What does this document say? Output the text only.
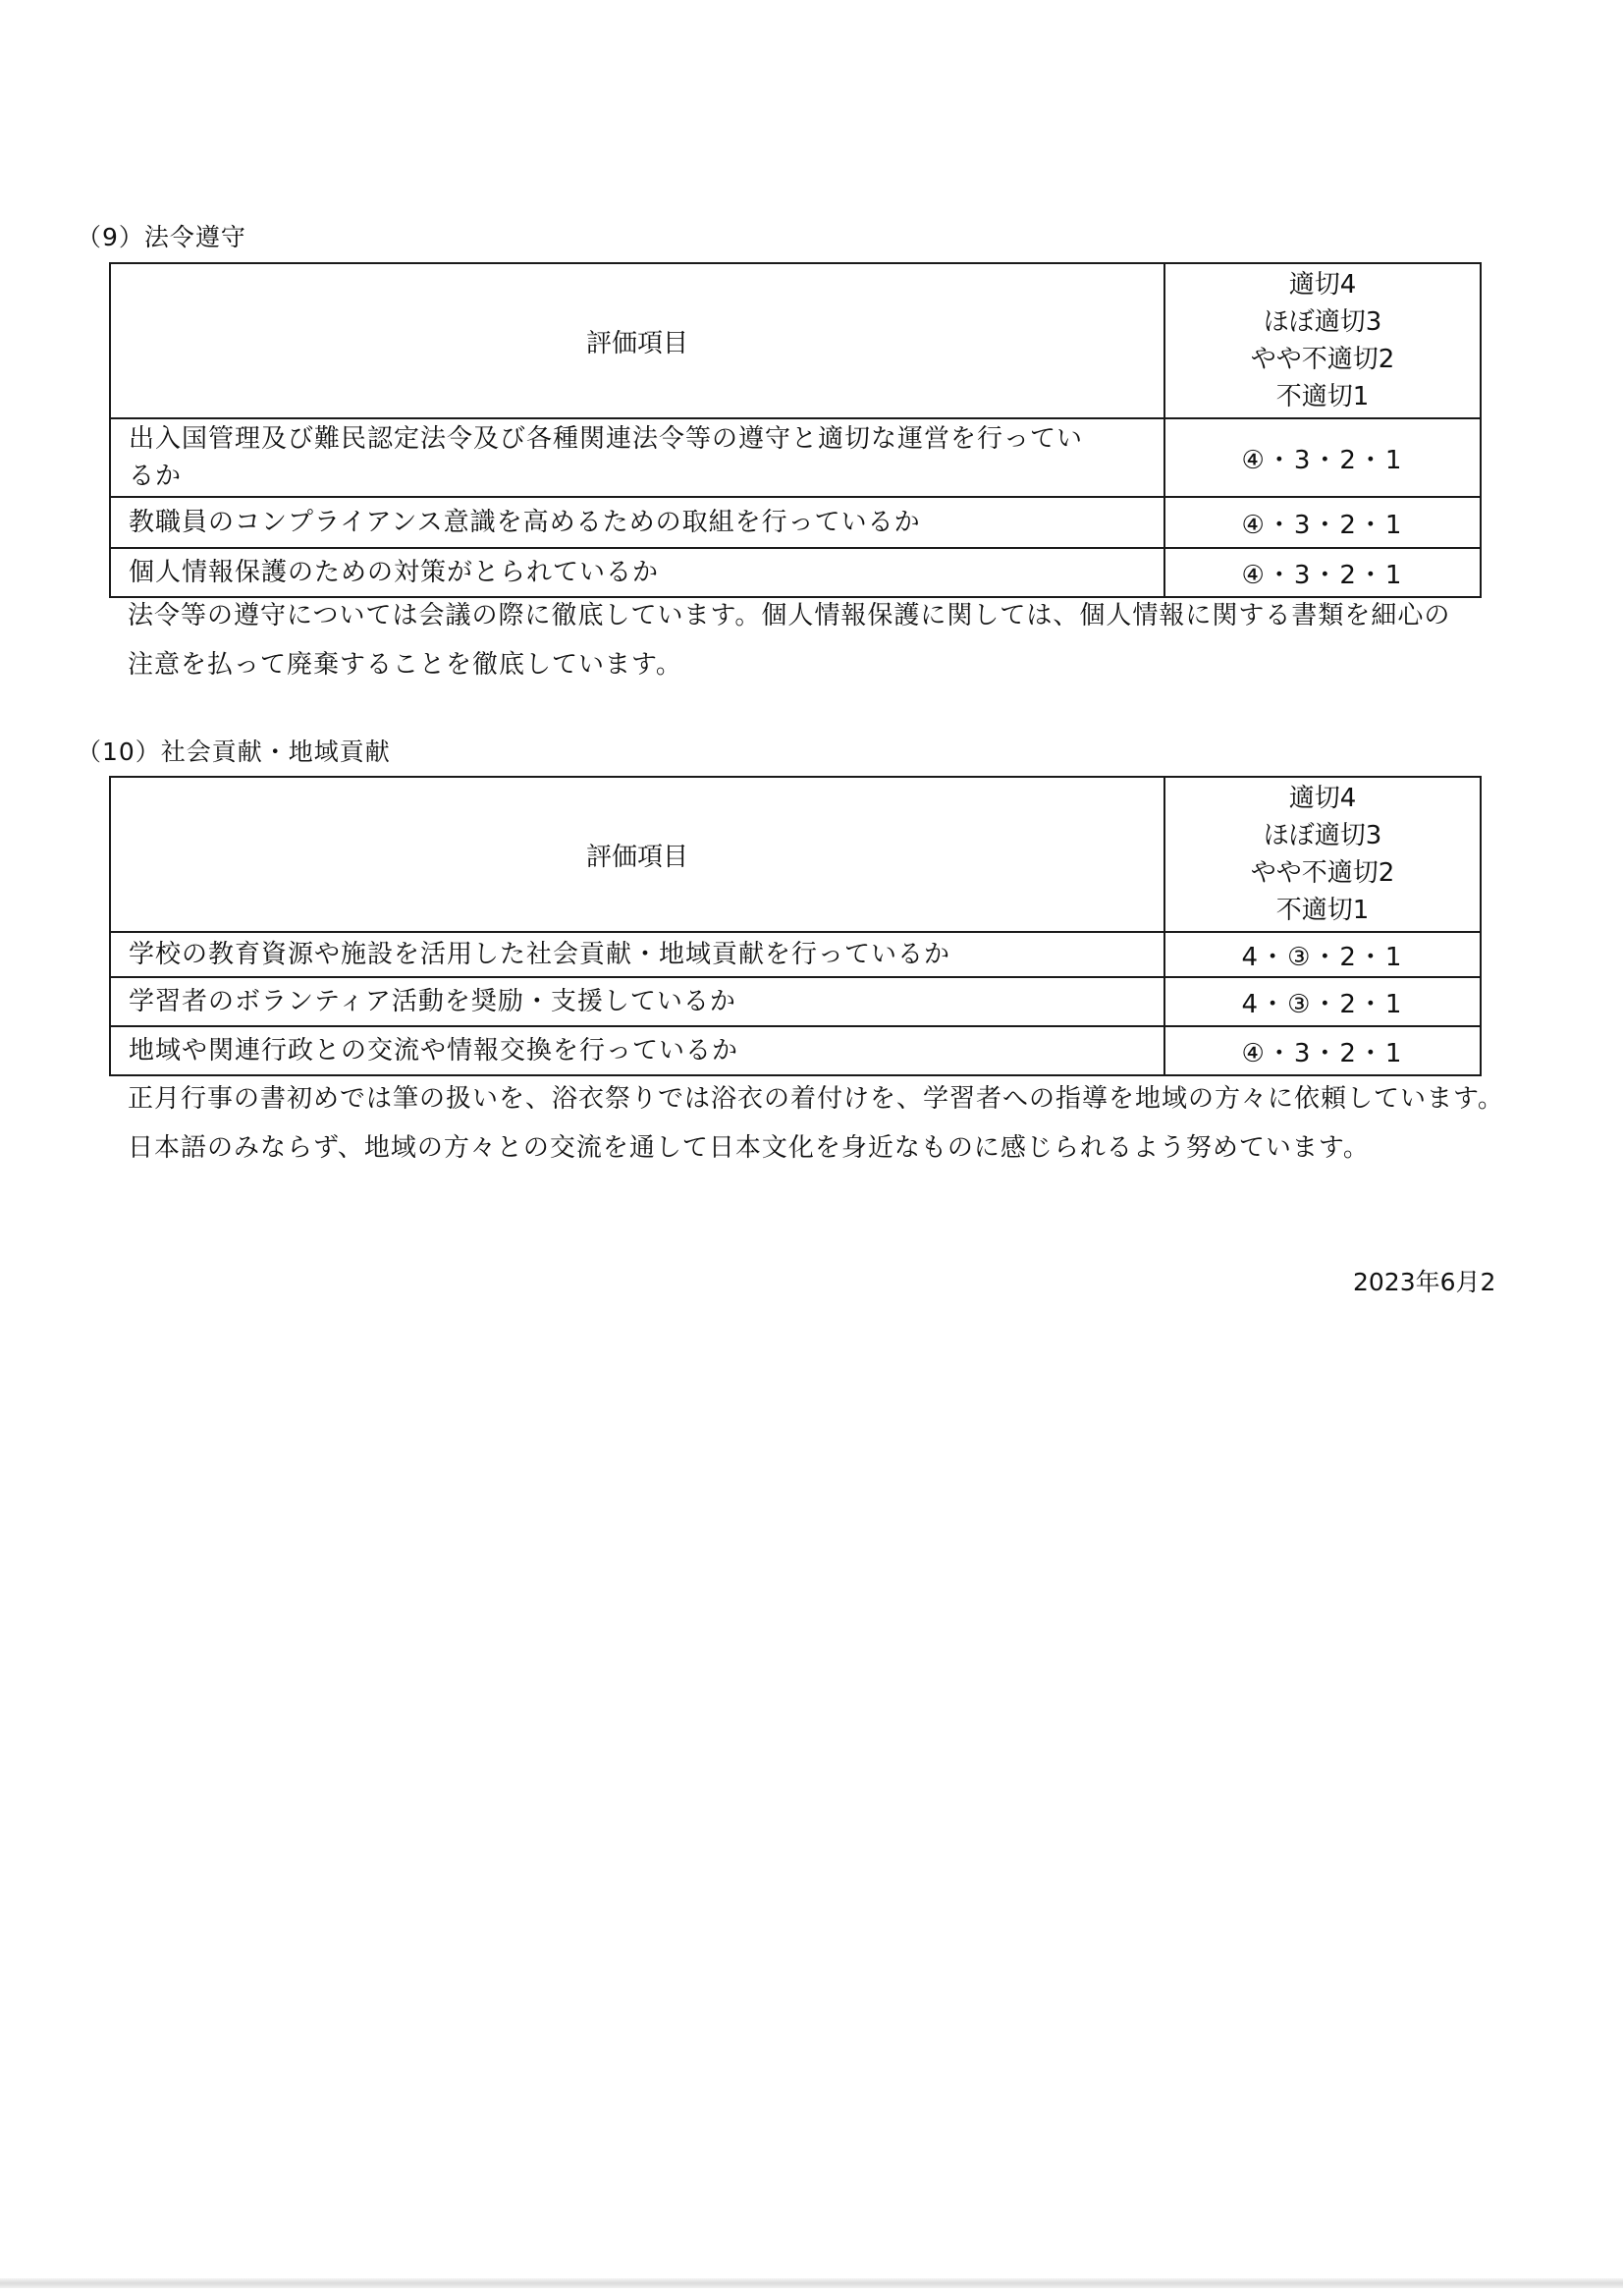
（9）法令遵守
評価項目	適切4
ほぼ適切3
やや不適切2
不適切1

出入国管理及び難民認定法令及び各種関連法令等の遵守と適切な運営を行ってい
るか	④・3・2・1
教職員のコンプライアンス意識を高めるための取組を行っているか	④・3・2・1
個人情報保護のための対策がとられているか	④・3・2・1

法令等の遵守については会議の際に徹底しています。個人情報保護に関しては、個人情報に関する書類を細心の

注意を払って廃棄することを徹底しています。

（10）社会貢献・地域貢献
評価項目	適切4
ほぼ適切3
やや不適切2
不適切1

学校の教育資源や施設を活用した社会貢献・地域貢献を行っているか	4・③・2・1
学習者のボランティア活動を奨励・支援しているか	4・③・2・1
地域や関連行政との交流や情報交換を行っているか	④・3・2・1

正月行事の書初めでは筆の扱いを、浴衣祭りでは浴衣の着付けを、学習者への指導を地域の方々に依頼しています。

日本語のみならず、地域の方々との交流を通して日本文化を身近なものに感じられるよう努めています。

2023年6月2
